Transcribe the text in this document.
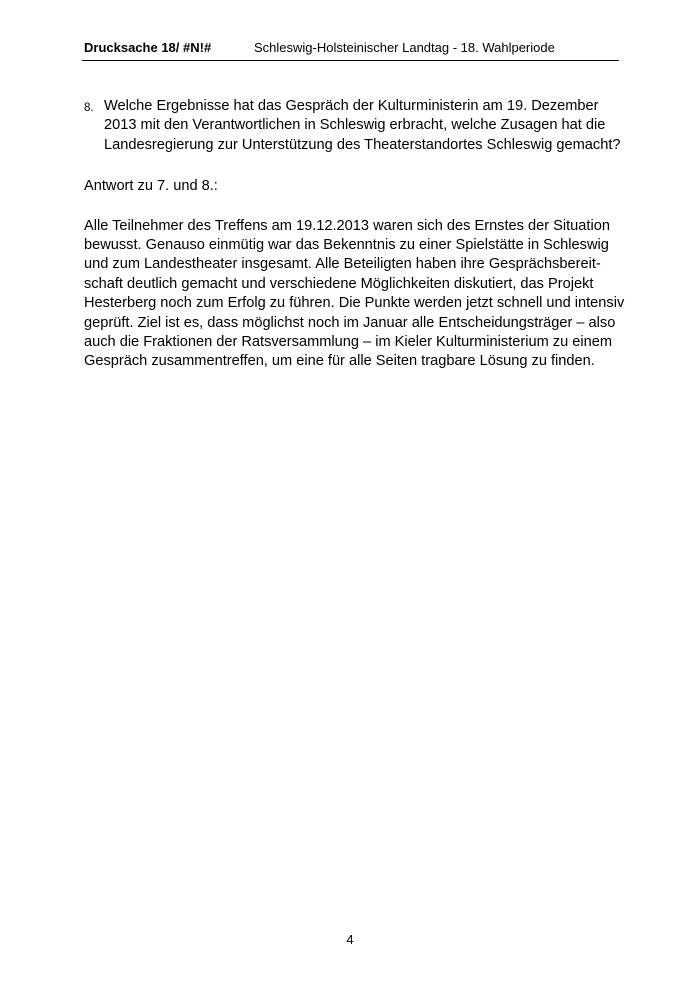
Drucksache 18/ #N!#	Schleswig-Holsteinischer Landtag - 18. Wahlperiode
8. Welche Ergebnisse hat das Gespräch der Kulturministerin am 19. Dezember
2013 mit den Verantwortlichen in Schleswig erbracht, welche Zusagen hat die
Landesregierung zur Unterstützung des Theaterstandortes Schleswig gemacht?
Antwort zu 7. und 8.:
Alle Teilnehmer des Treffens am 19.12.2013 waren sich des Ernstes der Situation
bewusst. Genauso einmütig war das Bekenntnis zu einer Spielstätte in Schleswig
und zum Landestheater insgesamt. Alle Beteiligten haben ihre Gesprächsbereit-
schaft deutlich gemacht und verschiedene Möglichkeiten diskutiert, das Projekt
Hesterberg noch zum Erfolg zu führen. Die Punkte werden jetzt schnell und intensiv
geprüft. Ziel ist es, dass möglichst noch im Januar alle Entscheidungsträger – also
auch die Fraktionen der Ratsversammlung – im Kieler Kulturministerium zu einem
Gespräch zusammentreffen, um eine für alle Seiten tragbare Lösung zu finden.
4
